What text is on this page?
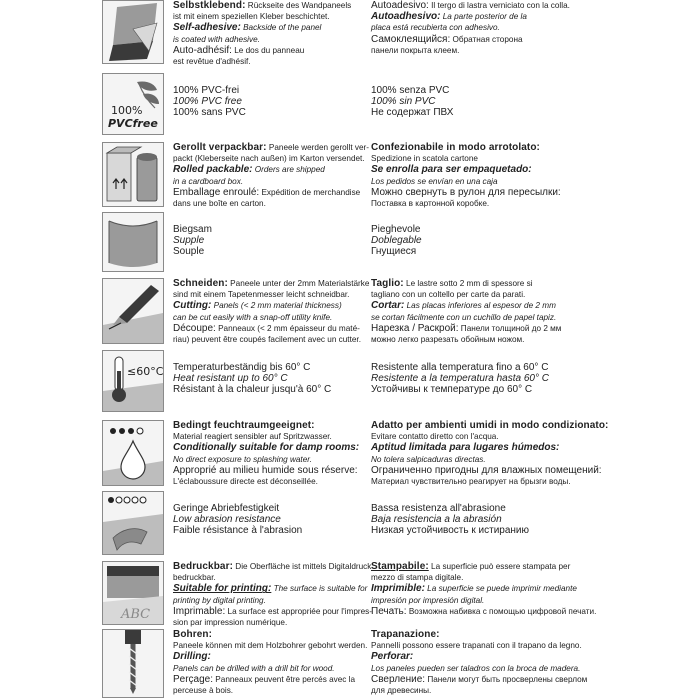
Selbstklebend: Rückseite des Wandpaneels
ist mit einem speziellen Kleber beschichtet.
Self-adhesive: Backside of the panel
is coated with adhesive.
Auto-adhésif: Le dos du panneau
est revêtue d'adhésif.
Autoadesivo: Il tergo di lastra verniciato con la colla.
Autoadhesivo: La parte posterior de la
placa está recubierta con adhesivo.
Самоклеящийся: Обратная сторона
панели покрыта клеем.
100%
PVCfree
100% PVC-frei
100% PVC free
100% sans PVC
100% senza PVC
100% sin PVC
Не содержат ПВХ
Gerollt verpackbar: Paneele werden gerollt ver-
packt (Kleberseite nach außen) im Karton versendet.
Rolled packable: Orders are shipped
in a cardboard box.
Emballage enroulé: Expédition de merchandise
dans une boîte en carton.
Confezionabile in modo arrotolato:
Spedizione in scatola cartone
Se enrolla para ser empaquetado:
Los pedidos se envían en una caja
Можно свернуть в рулон для пересылки:
Поставка в картонной коробке.
Biegsam
Supple
Souple
Pieghevole
Doblegable
Гнущиеся
Schneiden: Paneele unter der 2mm Materialstärke
sind mit einem Tapetenmesser leicht schneidbar.
Cutting: Panels (< 2 mm material thickness)
can be cut easily with a snap-off utility knife.
Découpe: Panneaux (< 2 mm épaisseur du maté-
riau) peuvent être coupés facilement avec un cutter.
Taglio: Le lastre sotto 2 mm di spessore si
tagliano con un coltello per carte da parati.
Cortar: Las placas inferiores al espesor de 2 mm
se cortan fácilmente con un cuchillo de papel tapiz.
Нарезка / Раскрой: Панели толщиной до 2 мм
можно легко разрезать обойным ножом.
≤60°C Temperaturbeständig bis 60° C
Heat resistant up to 60° C
Résistant à la chaleur jusqu'à 60° C
Resistente alla temperatura fino a 60° C
Resistente a la temperatura hasta 60° C
Устойчивы к температуре до 60° C
Bedingt feuchtraumgeeignet:
Material reagiert sensibler auf Spritzwasser.
Conditionally suitable for damp rooms:
No direct exposure to splashing water.
Approprié au milieu humide sous réserve:
L'éclaboussure directe est déconseillée.
Adatto per ambienti umidi in modo condizionato:
Evitare contatto diretto con l'acqua.
Aptitud limitada para lugares húmedos:
No tolera salpicaduras directas.
Ограниченно пригодны для влажных помещений:
Материал чувствительно реагирует на брызги воды.
Geringe Abriebfestigkeit
Low abrasion resistance
Faible résistance à l'abrasion
Bassa resistenza all'abrasione
Baja resistencia a la abrasión
Низкая устойчивость к истиранию
ABC
Bedruckbar: Die Oberfläche ist mittels Digitaldruck
bedruckbar.
Suitable for printing: The surface is suitable for
printing by digital printing.
Imprimable: La surface est appropriée pour l'impres-
sion par impression numérique.
Stampabile: La superficie può essere stampata per
mezzo di stampa digitale.
Imprimible: La superficie se puede imprimir mediante
impresión por impresión digital.
Печать: Возможна набивка с помощью цифровой печати.
Bohren:
Paneele können mit dem Holzbohrer gebohrt werden.
Drilling:
Panels can be drilled with a drill bit for wood.
Perçage: Panneaux peuvent être percés avec la
perceuse à bois.
Trapanazione:
Pannelli possono essere trapanati con il trapano da legno.
Perforar:
Los paneles pueden ser taladros con la broca de madera.
Сверление: Панели могут быть просверлены сверлом
для древесины.
